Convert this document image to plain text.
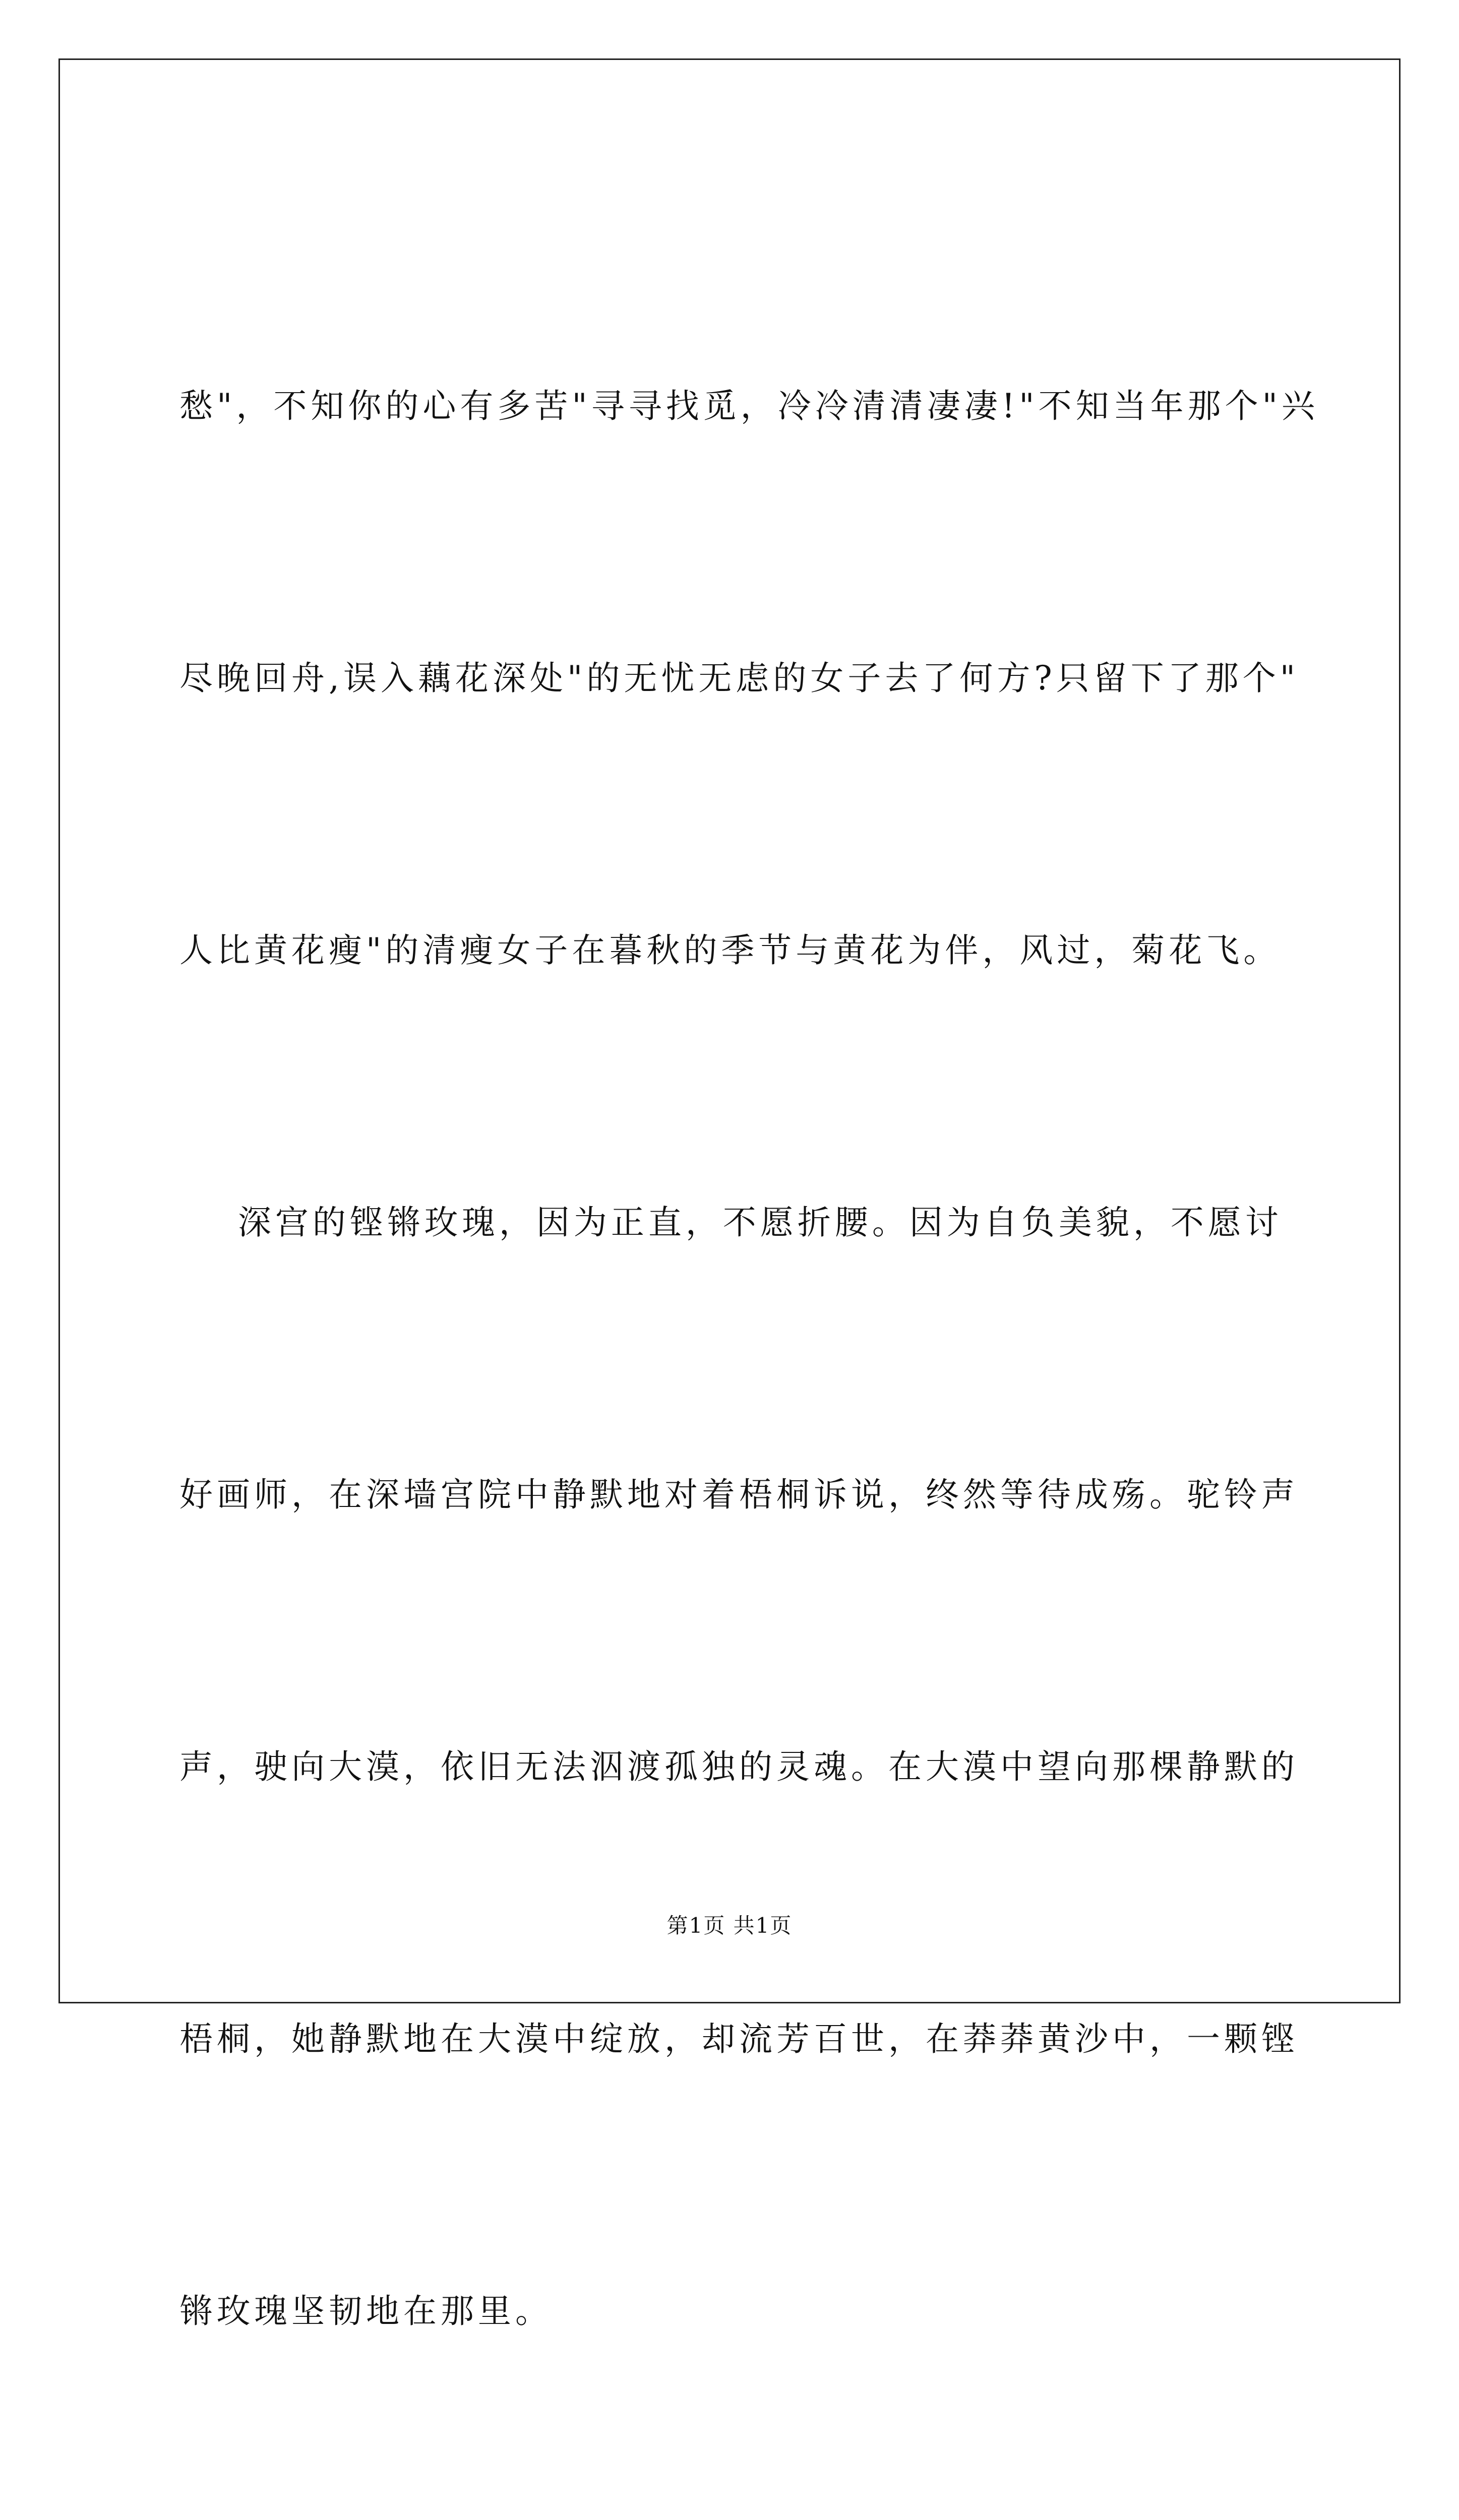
愁"，不知你的心有多苦"寻寻找觅，冷冷清清凄凄!"不知当年那个"兴

尽晚回舟,误入藕花深处"的无忧无虑的女子去了何方?只留下了那个"

人比黄花瘦"的清瘦女子在暮秋的季节与黄花为伴，风过，菊花飞。

深宫的铿锵玫瑰，因为正直，不愿折腰。因为自负美貌，不愿讨

好画师，在深墙宫院中静默地对着梧桐诉说，终然等待成殇。驼铃声

声，驶向大漠，依旧无法泅渡孤独的灵魂。在大漠中望向那棵静默的

梧桐，她静默地在大漠中绽放，却流芳百世，在莽莽黄沙中，一颗铿

锵玫瑰坚韧地在那里。

第1页 共1页
